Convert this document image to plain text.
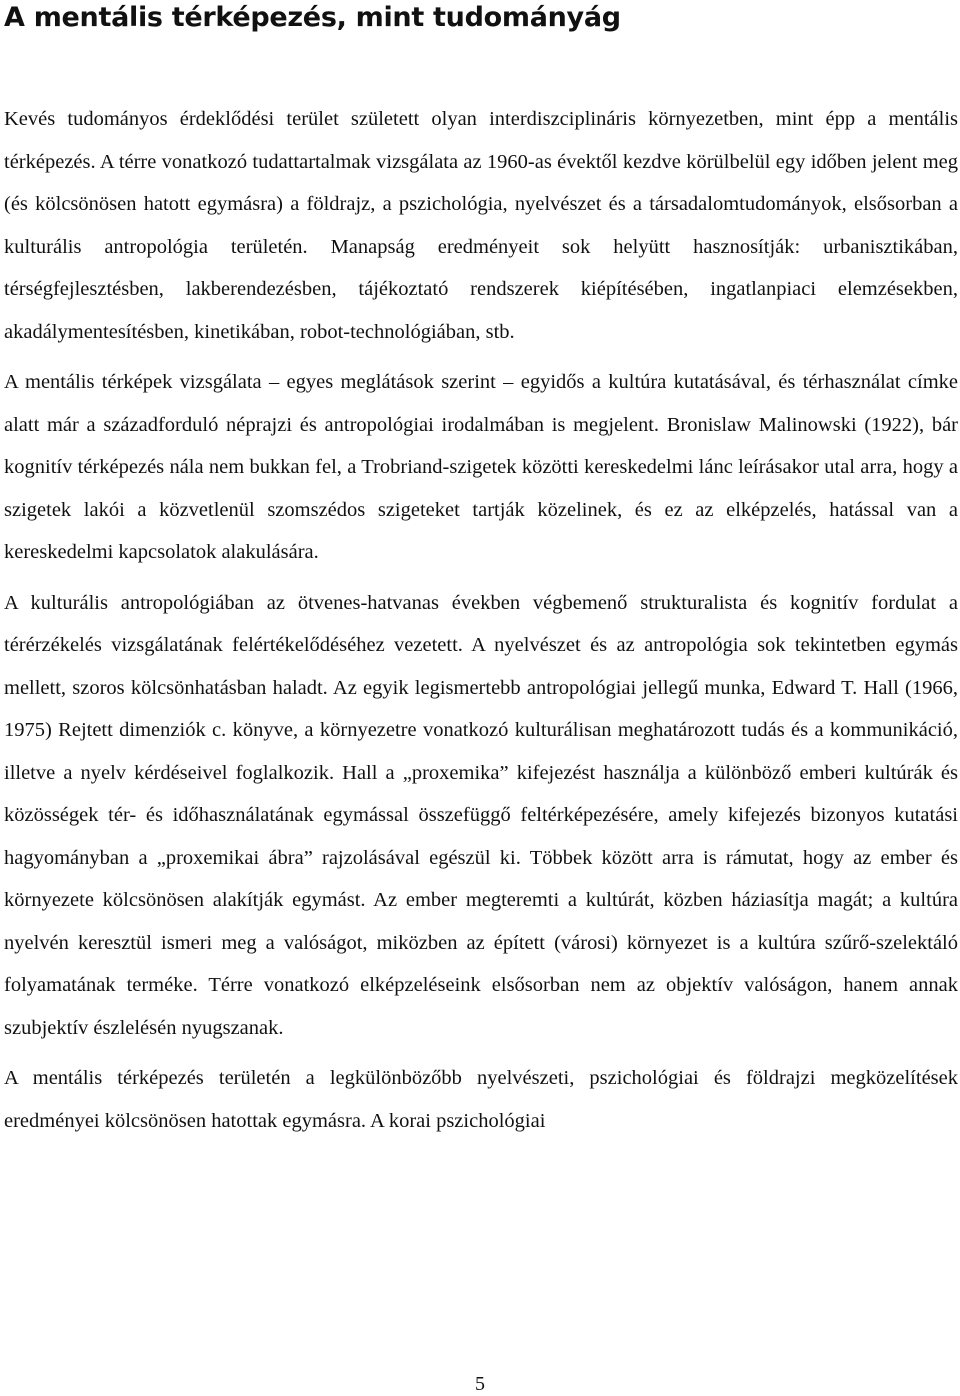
A mentális térképezés, mint tudományág

Kevés tudományos érdeklődési terület született olyan interdiszciplináris környezetben, mint épp a mentális térképezés. A térre vonatkozó tudattartalmak vizsgálata az 1960-as évektől kezdve körülbelül egy időben jelent meg (és kölcsönösen hatott egymásra) a földrajz, a pszichológia, nyelvészet és a társadalomtudományok, elsősorban a kulturális antropológia területén. Manapság eredményeit sok helyütt hasznosítják: urbanisztikában, térségfejlesztésben, lakberendezésben, tájékoztató rendszerek kiépítésében, ingatlanpiaci elemzésekben, akadálymentesítésben, kinetikában, robot-technológiában, stb.

A mentális térképek vizsgálata – egyes meglátások szerint – egyidős a kultúra kutatásával, és térhasználat címke alatt már a századforduló néprajzi és antropológiai irodalmában is megjelent. Bronislaw Malinowski (1922), bár kognitív térképezés nála nem bukkan fel, a Trobriand-szigetek közötti kereskedelmi lánc leírásakor utal arra, hogy a szigetek lakói a közvetlenül szomszédos szigeteket tartják közelinek, és ez az elképzelés, hatással van a kereskedelmi kapcsolatok alakulására.

A kulturális antropológiában az ötvenes-hatvanas években végbemenő strukturalista és kognitív fordulat a térérzékelés vizsgálatának felértékelődéséhez vezetett. A nyelvészet és az antropológia sok tekintetben egymás mellett, szoros kölcsönhatásban haladt. Az egyik legismertebb antropológiai jellegű munka, Edward T. Hall (1966, 1975) Rejtett dimenziók c. könyve, a környezetre vonatkozó kulturálisan meghatározott tudás és a kommunikáció, illetve a nyelv kérdéseivel foglalkozik. Hall a „proxemika” kifejezést használja a különböző emberi kultúrák és közösségek tér- és időhasználatának egymással összefüggő feltérképezésére, amely kifejezés bizonyos kutatási hagyományban a „proxemikai ábra” rajzolásával egészül ki. Többek között arra is rámutat, hogy az ember és környezete kölcsönösen alakítják egymást. Az ember megteremti a kultúrát, közben háziasítja magát; a kultúra nyelvén keresztül ismeri meg a valóságot, miközben az épített (városi) környezet is a kultúra szűrő-szelektáló folyamatának terméke. Térre vonatkozó elképzeléseink elsősorban nem az objektív valóságon, hanem annak szubjektív észlelésén nyugszanak.

A mentális térképezés területén a legkülönbözőbb nyelvészeti, pszichológiai és földrajzi megközelítések eredményei kölcsönösen hatottak egymásra. A korai pszichológiai

5
